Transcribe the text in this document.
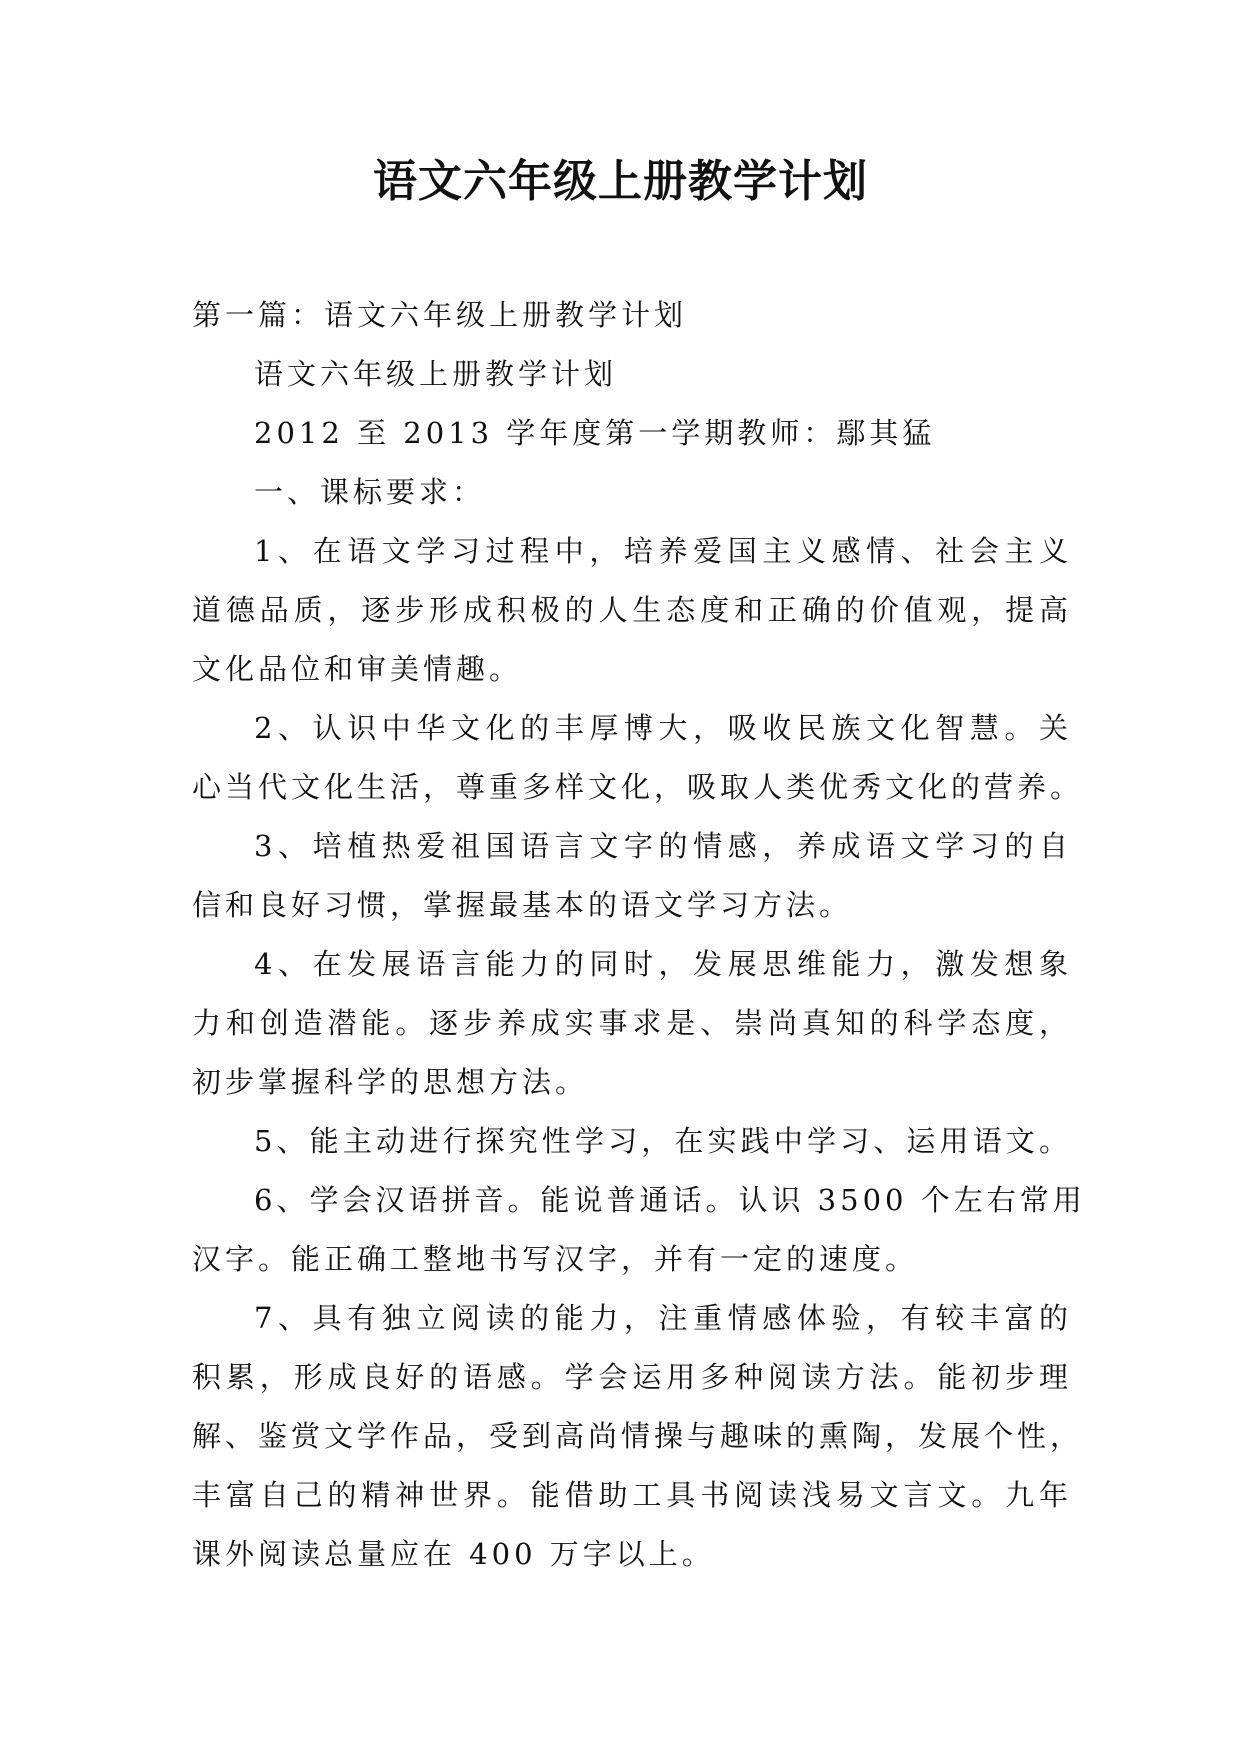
语文六年级上册教学计划

第一篇：语文六年级上册教学计划

语文六年级上册教学计划

2012 至 2013 学年度第一学期教师：鄢其猛

一、课标要求：

1、在语文学习过程中，培养爱国主义感情、社会主义

道德品质，逐步形成积极的人生态度和正确的价值观，提高

文化品位和审美情趣。

2、认识中华文化的丰厚博大，吸收民族文化智慧。关

心当代文化生活，尊重多样文化，吸取人类优秀文化的营养。

3、培植热爱祖国语言文字的情感，养成语文学习的自

信和良好习惯，掌握最基本的语文学习方法。

4、在发展语言能力的同时，发展思维能力，激发想象

力和创造潜能。逐步养成实事求是、崇尚真知的科学态度，

初步掌握科学的思想方法。

5、能主动进行探究性学习，在实践中学习、运用语文。

6、学会汉语拼音。能说普通话。认识 3500 个左右常用

汉字。能正确工整地书写汉字，并有一定的速度。

7、具有独立阅读的能力，注重情感体验，有较丰富的

积累，形成良好的语感。学会运用多种阅读方法。能初步理

解、鉴赏文学作品，受到高尚情操与趣味的熏陶，发展个性，

丰富自己的精神世界。能借助工具书阅读浅易文言文。九年

课外阅读总量应在 400 万字以上。
